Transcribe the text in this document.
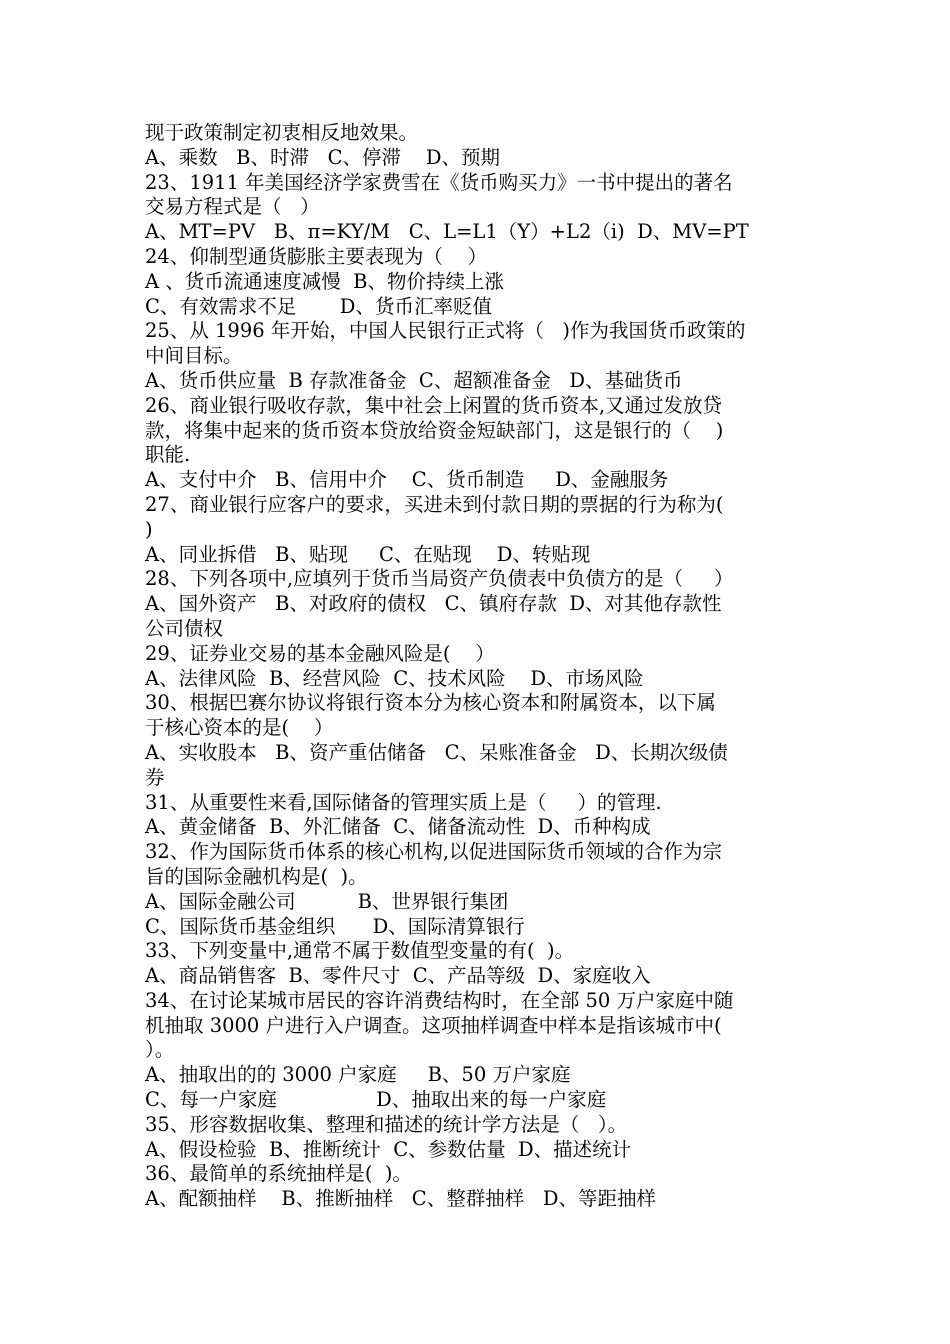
现于政策制定初衷相反地效果。
A、乘数   B、时滞   C、停滞    D、预期
23、1911 年美国经济学家费雪在《货币购买力》一书中提出的著名
交易方程式是（   ）
A、MT=PV   B、π=KY/M   C、L=L1（Y）+L2（i)  D、MV=PT
24、仰制型通货膨胀主要表现为（    ）
A 、货币流通速度减慢  B、物价持续上涨
C、有效需求不足       D、货币汇率贬值
25、从 1996 年开始，中国人民银行正式将（   )作为我国货币政策的
中间目标。
A、货币供应量  B 存款准备金  C、超额准备金   D、基础货币
26、商业银行吸收存款，集中社会上闲置的货币资本,又通过发放贷
款，将集中起来的货币资本贷放给资金短缺部门，这是银行的（    )
职能.
A、支付中介   B、信用中介    C、货币制造     D、金融服务
27、商业银行应客户的要求，买进未到付款日期的票据的行为称为(
)
A、同业拆借   B、贴现     C、在贴现    D、转贴现
28、下列各项中,应填列于货币当局资产负债表中负债方的是（     ）
A、国外资产   B、对政府的债权   C、镇府存款  D、对其他存款性
公司债权
29、证券业交易的基本金融风险是(    ）
A、法律风险  B、经营风险  C、技术风险    D、市场风险
30、根据巴赛尔协议将银行资本分为核心资本和附属资本，以下属
于核心资本的是(    ）
A、实收股本   B、资产重估储备   C、呆账准备金   D、长期次级债
券
31、从重要性来看,国际储备的管理实质上是（     ）的管理.
A、黄金储备  B、外汇储备  C、储备流动性  D、币种构成
32、作为国际货币体系的核心机构,以促进国际货币领域的合作为宗
旨的国际金融机构是(  )。
A、国际金融公司          B、世界银行集团
C、国际货币基金组织      D、国际清算银行
33、下列变量中,通常不属于数值型变量的有(  )。
A、商品销售客  B、零件尺寸  C、产品等级  D、家庭收入
34、在讨论某城市居民的容许消费结构时，在全部 50 万户家庭中随
机抽取 3000 户进行入户调查。这项抽样调查中样本是指该城市中(
）。
A、抽取出的的 3000 户家庭     B、50 万户家庭
C、每一户家庭                D、抽取出来的每一户家庭
35、形容数据收集、整理和描述的统计学方法是（   ）。
A、假设检验  B、推断统计  C、参数估量  D、描述统计
36、最简单的系统抽样是(  )。
A、配额抽样    B、推断抽样   C、整群抽样   D、等距抽样
